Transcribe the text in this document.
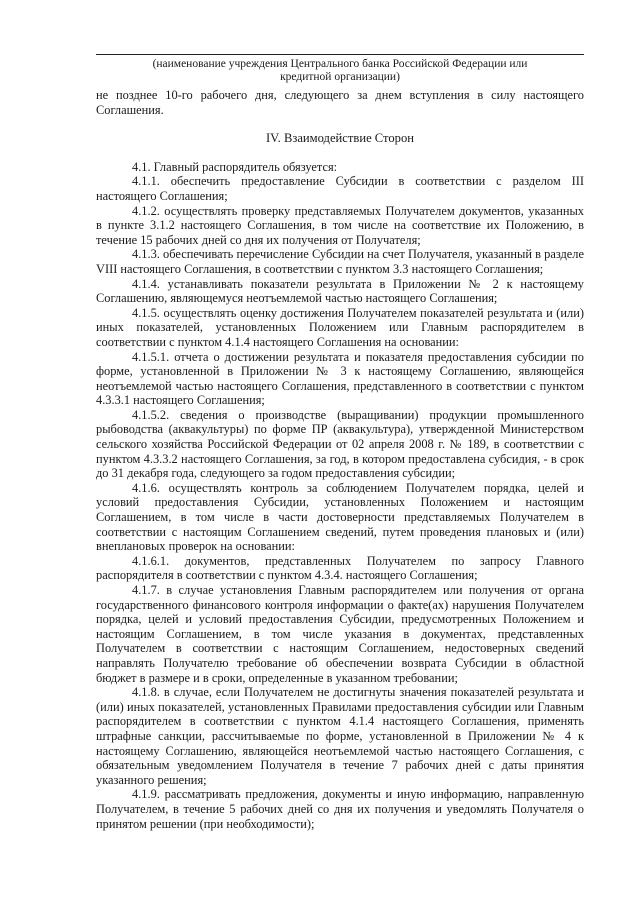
(наименование учреждения Центрального банка Российской Федерации или
кредитной организации)

не позднее 10-го рабочего дня, следующего за днем вступления в силу настоящего Соглашения.

IV. Взаимодействие Сторон

4.1. Главный распорядитель обязуется:

4.1.1. обеспечить предоставление Субсидии в соответствии с разделом III настоящего Соглашения;

4.1.2. осуществлять проверку представляемых Получателем документов, указанных в пункте 3.1.2 настоящего Соглашения, в том числе на соответствие их Положению, в течение 15 рабочих дней со дня их получения от Получателя;

4.1.3. обеспечивать перечисление Субсидии на счет Получателя, указанный в разделе VIII настоящего Соглашения, в соответствии с пунктом 3.3 настоящего Соглашения;

4.1.4. устанавливать показатели результата в Приложении № 2 к настоящему Соглашению, являющемуся неотъемлемой частью настоящего Соглашения;

4.1.5. осуществлять оценку достижения Получателем показателей результата и (или) иных показателей, установленных Положением или Главным распорядителем в соответствии с пунктом 4.1.4 настоящего Соглашения на основании:

4.1.5.1. отчета о достижении результата и показателя предоставления субсидии по форме, установленной в Приложении № 3 к настоящему Соглашению, являющейся неотъемлемой частью настоящего Соглашения, представленного в соответствии с пунктом 4.3.3.1 настоящего Соглашения;

4.1.5.2. сведения о производстве (выращивании) продукции промышленного рыбоводства (аквакультуры) по форме ПР (аквакультура), утвержденной Министерством сельского хозяйства Российской Федерации от 02 апреля 2008 г. № 189, в соответствии с пунктом 4.3.3.2 настоящего Соглашения, за год, в котором предоставлена субсидия, - в срок до 31 декабря года, следующего за годом предоставления субсидии;

4.1.6. осуществлять контроль за соблюдением Получателем порядка, целей и условий предоставления Субсидии, установленных Положением и настоящим Соглашением, в том числе в части достоверности представляемых Получателем в соответствии с настоящим Соглашением сведений, путем проведения плановых и (или) внеплановых проверок на основании:

4.1.6.1. документов, представленных Получателем по запросу Главного распорядителя в соответствии с пунктом 4.3.4. настоящего Соглашения;

4.1.7. в случае установления Главным распорядителем или получения от органа государственного финансового контроля информации о факте(ах) нарушения Получателем порядка, целей и условий предоставления Субсидии, предусмотренных Положением и настоящим Соглашением, в том числе указания в документах, представленных Получателем в соответствии с настоящим Соглашением, недостоверных сведений направлять Получателю требование об обеспечении возврата Субсидии в областной бюджет в размере и в сроки, определенные в указанном требовании;

4.1.8. в случае, если Получателем не достигнуты значения показателей результата и (или) иных показателей, установленных Правилами предоставления субсидии или Главным распорядителем в соответствии с пунктом 4.1.4 настоящего Соглашения, применять штрафные санкции, рассчитываемые по форме, установленной в Приложении № 4 к настоящему Соглашению, являющейся неотъемлемой частью настоящего Соглашения, с обязательным уведомлением Получателя в течение 7 рабочих дней с даты принятия указанного решения;

4.1.9. рассматривать предложения, документы и иную информацию, направленную Получателем, в течение 5 рабочих дней со дня их получения и уведомлять Получателя о принятом решении (при необходимости);
